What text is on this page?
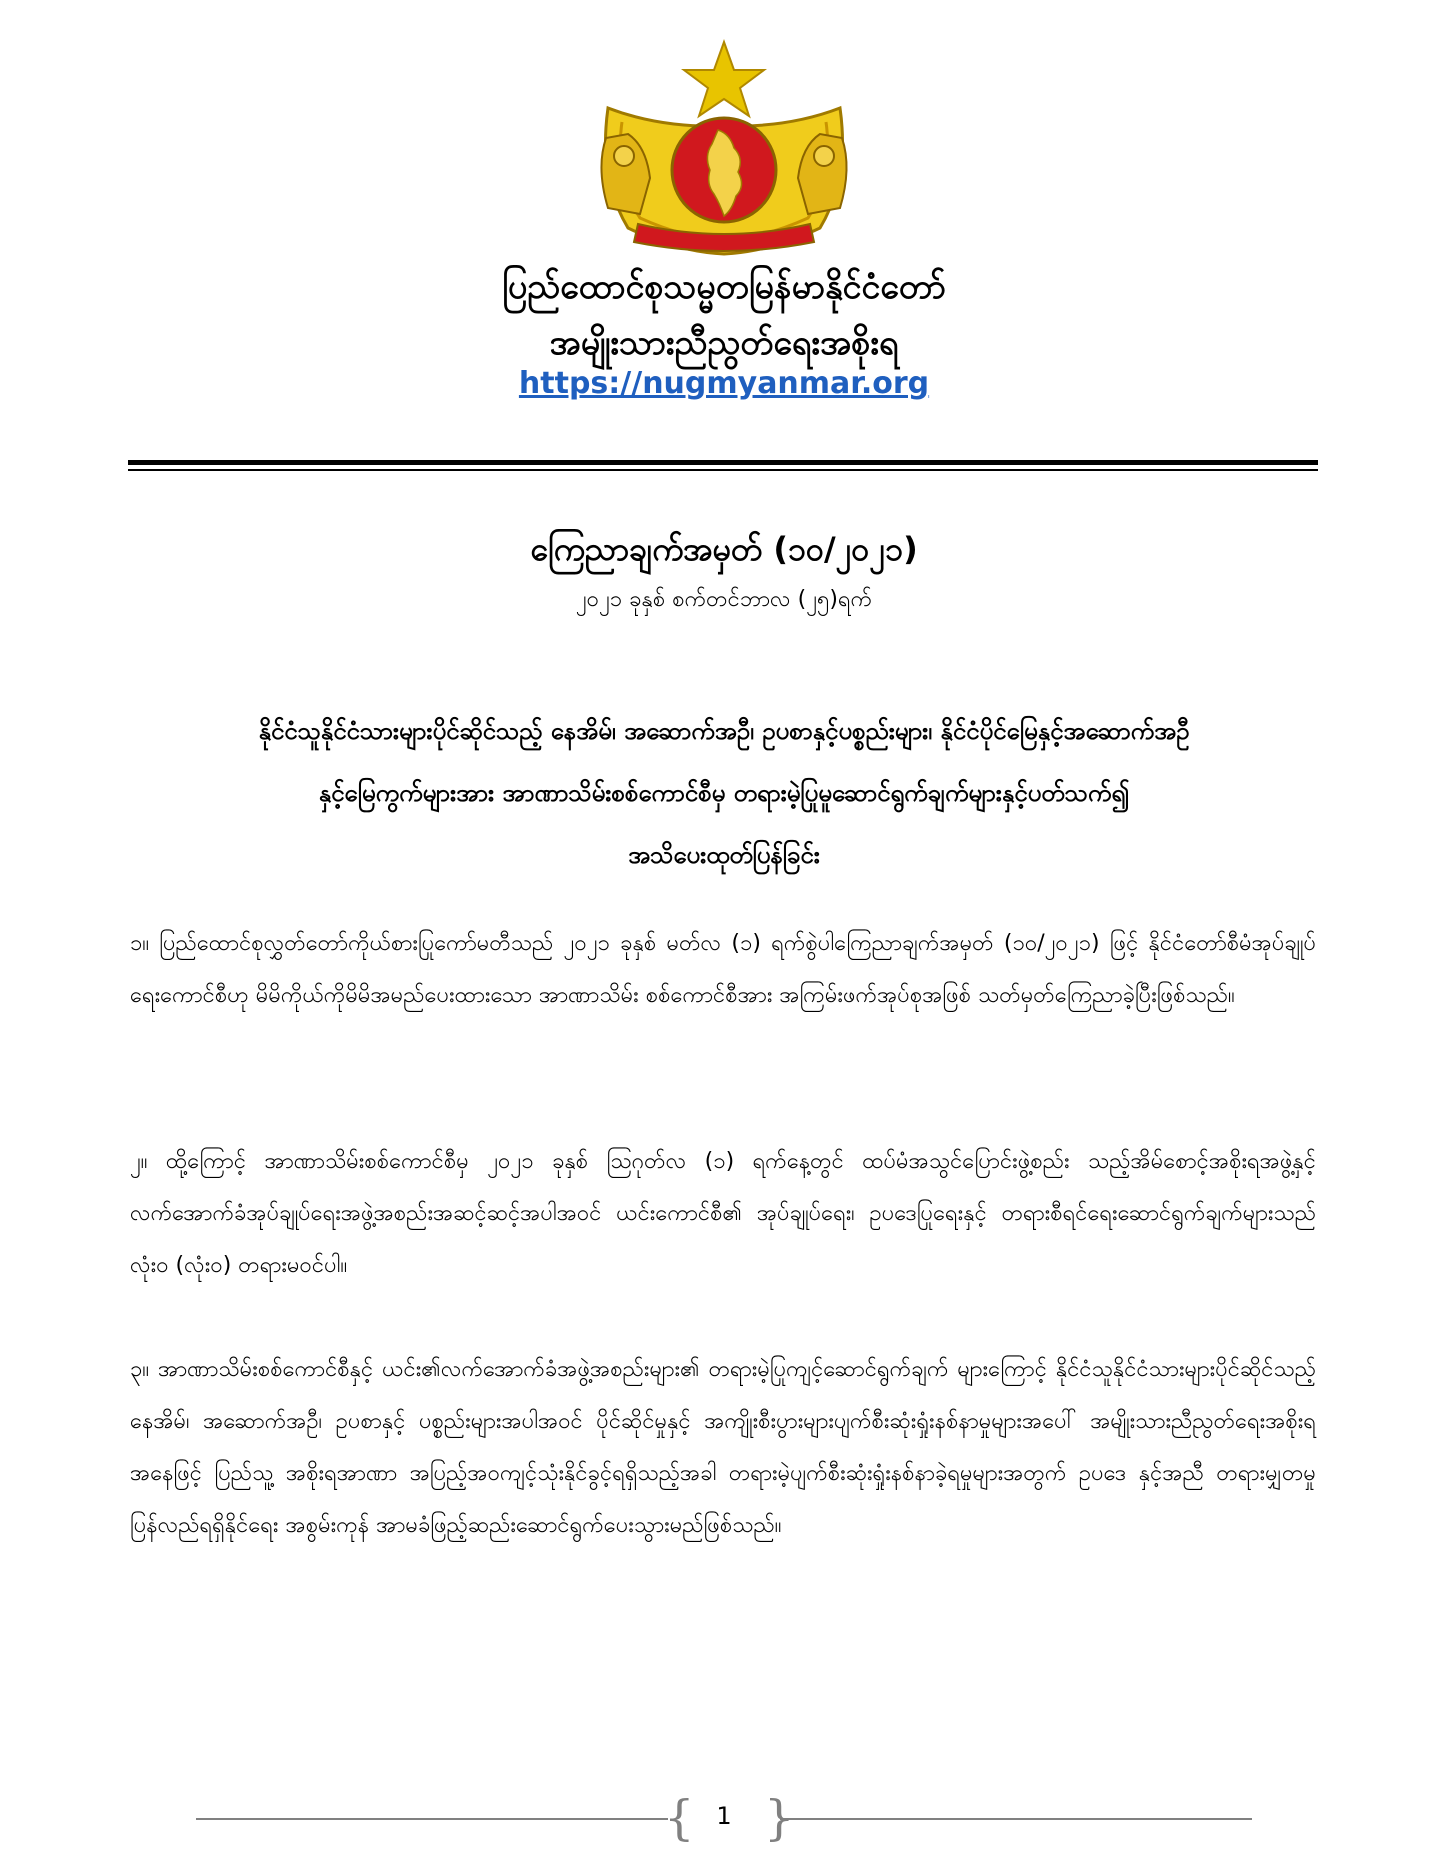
ပြည်ထောင်စုသမ္မတမြန်မာနိုင်ငံတော်
အမျိုးသားညီညွတ်ရေးအစိုးရ
https://nugmyanmar.org
ကြေညာချက်အမှတ် (၁၀/၂၀၂၁)
၂၀၂၁ ခုနှစ် စက်တင်ဘာလ (၂၅)ရက်
နိုင်ငံသူနိုင်ငံသားများပိုင်ဆိုင်သည့် နေအိမ်၊ အဆောက်အဦ၊ ဥပစာနှင့်ပစ္စည်းများ၊ နိုင်ငံပိုင်မြေနှင့်အဆောက်အဦ
နှင့်မြေကွက်များအား အာဏာသိမ်းစစ်ကောင်စီမှ တရားမဲ့ပြုမူဆောင်ရွက်ချက်များနှင့်ပတ်သက်၍
အသိပေးထုတ်ပြန်ခြင်း
၁။ ပြည်ထောင်စုလွှတ်တော်ကိုယ်စားပြုကော်မတီသည် ၂၀၂၁ ခုနှစ် မတ်လ (၁) ရက်စွဲပါကြေညာချက်အမှတ် (၁၀/၂၀၂၁) ဖြင့် နိုင်ငံတော်စီမံအုပ်ချုပ်ရေးကောင်စီဟု မိမိကိုယ်ကိုမိမိအမည်ပေးထားသော အာဏာသိမ်း စစ်ကောင်စီအား အကြမ်းဖက်အုပ်စုအဖြစ် သတ်မှတ်ကြေညာခဲ့ပြီးဖြစ်သည်။
၂။ ထို့ကြောင့် အာဏာသိမ်းစစ်ကောင်စီမှ ၂၀၂၁ ခုနှစ် ဩဂုတ်လ (၁) ရက်နေ့တွင် ထပ်မံအသွင်ပြောင်းဖွဲ့စည်း သည့်အိမ်စောင့်အစိုးရအဖွဲ့နှင့် လက်အောက်ခံအုပ်ချုပ်ရေးအဖွဲ့အစည်းအဆင့်ဆင့်အပါအဝင် ယင်းကောင်စီ၏ အုပ်ချုပ်ရေး၊ ဥပဒေပြုရေးနှင့် တရားစီရင်ရေးဆောင်ရွက်ချက်များသည် လုံးဝ (လုံးဝ) တရားမဝင်ပါ။
၃။ အာဏာသိမ်းစစ်ကောင်စီနှင့် ယင်း၏လက်အောက်ခံအဖွဲ့အစည်းများ၏ တရားမဲ့ပြုကျင့်ဆောင်ရွက်ချက် များကြောင့် နိုင်ငံသူနိုင်ငံသားများပိုင်ဆိုင်သည့် နေအိမ်၊ အဆောက်အဦ၊ ဥပစာနှင့် ပစ္စည်းများအပါအဝင် ပိုင်ဆိုင်မှုနှင့် အကျိုးစီးပွားများပျက်စီးဆုံးရှုံးနစ်နာမှုများအပေါ် အမျိုးသားညီညွတ်ရေးအစိုးရအနေဖြင့် ပြည်သူ့ အစိုးရအာဏာ အပြည့်အဝကျင့်သုံးနိုင်ခွင့်ရရှိသည့်အခါ တရားမဲ့ပျက်စီးဆုံးရှုံးနစ်နာခဲ့ရမှုများအတွက် ဥပဒေ နှင့်အညီ တရားမျှတမှု ပြန်လည်ရရှိနိုင်ရေး အစွမ်းကုန် အာမခံဖြည့်ဆည်းဆောင်ရွက်ပေးသွားမည်ဖြစ်သည်။
{ }
1
